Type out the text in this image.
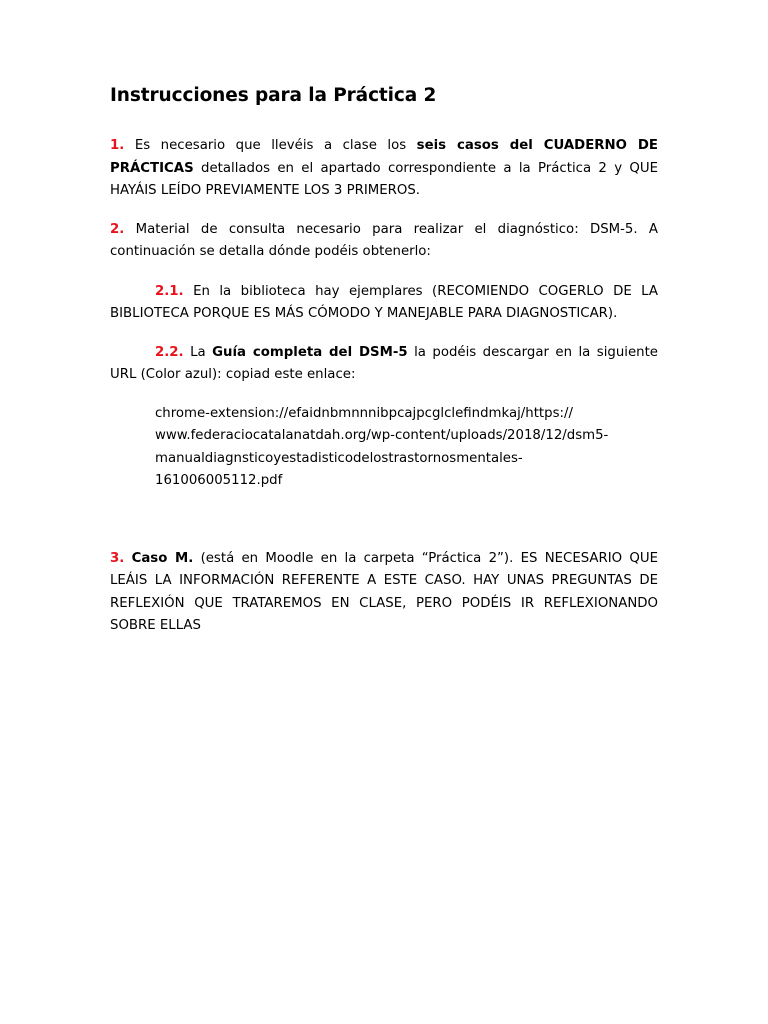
Instrucciones para la Práctica 2

1. Es necesario que llevéis a clase los seis casos del CUADERNO DE PRÁCTICAS detallados en el apartado correspondiente a la Práctica 2 y QUE HAYÁIS LEÍDO PREVIAMENTE LOS 3 PRIMEROS.

2. Material de consulta necesario para realizar el diagnóstico: DSM-5. A continuación se detalla dónde podéis obtenerlo:

2.1. En la biblioteca hay ejemplares (RECOMIENDO COGERLO DE LA BIBLIOTECA PORQUE ES MÁS CÓMODO Y MANEJABLE PARA DIAGNOSTICAR).

2.2. La Guía completa del DSM-5 la podéis descargar en la siguiente URL (Color azul): copiad este enlace:

chrome-extension://efaidnbmnnnibpcajpcglclefindmkaj/https://
www.federaciocatalanatdah.org/wp-content/uploads/2018/12/dsm5-
manualdiagnsticoyestadisticodelostrastornosmentales-
161006005112.pdf

3. Caso M. (está en Moodle en la carpeta “Práctica 2”). ES NECESARIO QUE LEÁIS LA INFORMACIÓN REFERENTE A ESTE CASO. HAY UNAS PREGUNTAS DE REFLEXIÓN QUE TRATAREMOS EN CLASE, PERO PODÉIS IR REFLEXIONANDO SOBRE ELLAS
